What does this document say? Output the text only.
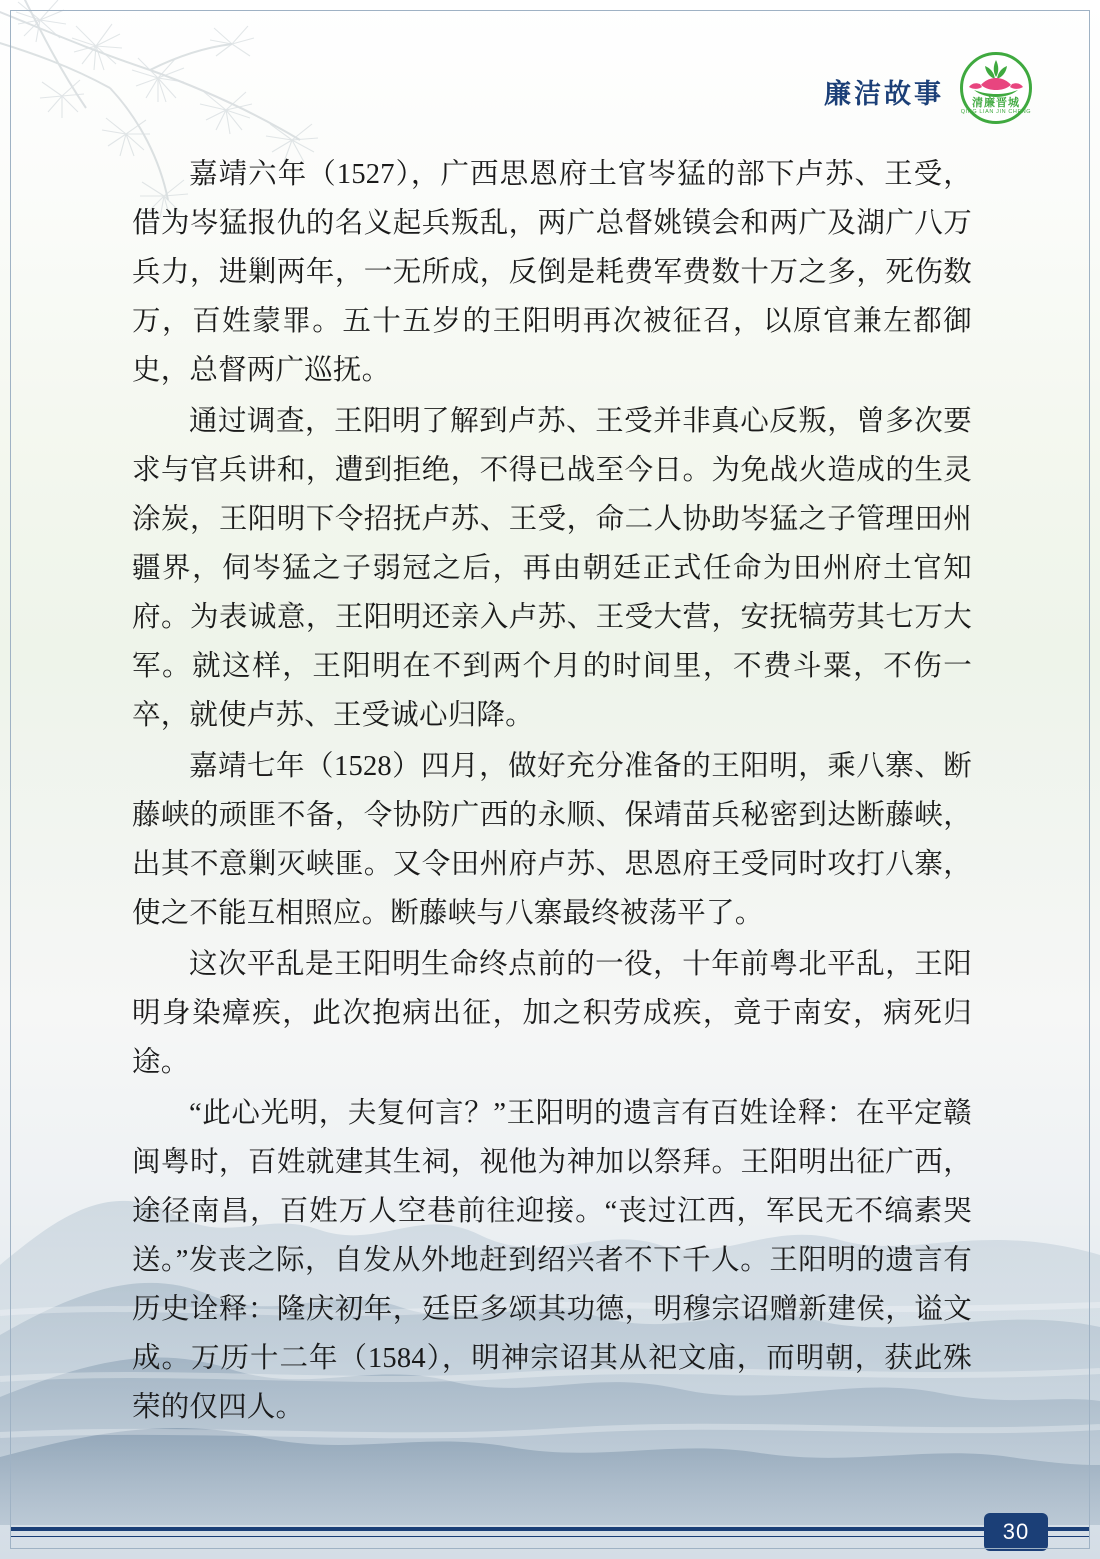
廉洁故事	清廉晋城
QING LIAN JIN CHENG

嘉靖六年（1527），广西思恩府土官岑猛的部下卢苏、王受，借为岑猛报仇的名义起兵叛乱，两广总督姚镆会和两广及湖广八万兵力，进剿两年，一无所成，反倒是耗费军费数十万之多，死伤数万，百姓蒙罪。五十五岁的王阳明再次被征召，以原官兼左都御史，总督两广巡抚。

通过调查，王阳明了解到卢苏、王受并非真心反叛，曾多次要求与官兵讲和，遭到拒绝，不得已战至今日。为免战火造成的生灵涂炭，王阳明下令招抚卢苏、王受，命二人协助岑猛之子管理田州疆界，伺岑猛之子弱冠之后，再由朝廷正式任命为田州府土官知府。为表诚意，王阳明还亲入卢苏、王受大营，安抚犒劳其七万大军。就这样，王阳明在不到两个月的时间里，不费斗粟，不伤一卒，就使卢苏、王受诚心归降。

嘉靖七年（1528）四月，做好充分准备的王阳明，乘八寨、断藤峡的顽匪不备，令协防广西的永顺、保靖苗兵秘密到达断藤峡，出其不意剿灭峡匪。又令田州府卢苏、思恩府王受同时攻打八寨，使之不能互相照应。断藤峡与八寨最终被荡平了。

这次平乱是王阳明生命终点前的一役，十年前粤北平乱，王阳明身染瘴疾，此次抱病出征，加之积劳成疾，竟于南安，病死归途。

“此心光明，夫复何言？”王阳明的遗言有百姓诠释：在平定赣闽粤时，百姓就建其生祠，视他为神加以祭拜。王阳明出征广西，途径南昌，百姓万人空巷前往迎接。“丧过江西，军民无不缟素哭送。”发丧之际，自发从外地赶到绍兴者不下千人。王阳明的遗言有历史诠释：隆庆初年，廷臣多颂其功德，明穆宗诏赠新建侯，谥文成。万历十二年（1584），明神宗诏其从祀文庙，而明朝，获此殊荣的仅四人。

30
